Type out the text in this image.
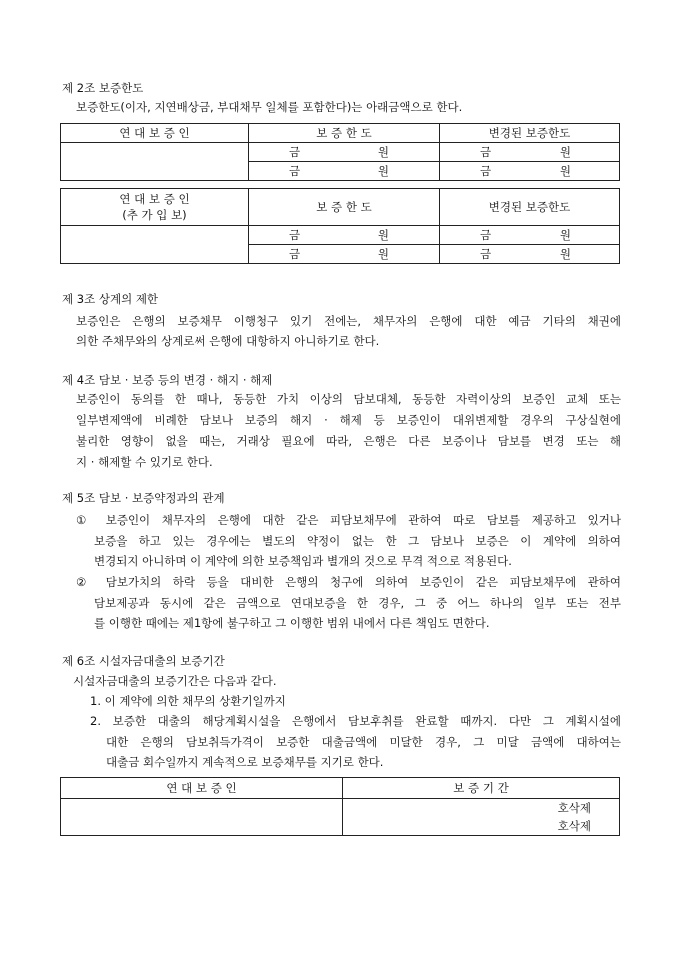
제 2조 보증한도
보증한도(이자, 지연배상금, 부대채무 일체를 포함한다)는 아래금액으로 한다.
연 대 보 증 인	보 증 한 도	변경된 보증한도

	금 원	금 원

	금 원	금 원
연 대 보 증 인
(추 가 입 보)	보 증 한 도	변경된 보증한도

	금 원	금 원

	금 원	금 원
제 3조 상계의 제한
보증인은 은행의 보증채무 이행청구 있기 전에는, 채무자의 은행에 대한 예금 기타의 채권에
의한 주채무와의 상계로써 은행에 대항하지 아니하기로 한다.
제 4조 담보 · 보증 등의 변경 · 해지 · 해제
보증인이 동의를 한 때나, 동등한 가치 이상의 담보대체, 동등한 자력이상의 보증인 교체 또는
일부변제액에 비례한 담보나 보증의 해지 · 해제 등 보증인이 대위변제할 경우의 구상실현에
불리한 영향이 없을 때는, 거래상 필요에 따라, 은행은 다른 보증이나 담보를 변경 또는 해
지 · 해제할 수 있기로 한다.
제 5조 담보 · 보증약정과의 관계
① 보증인이 채무자의 은행에 대한 같은 피담보채무에 관하여 따로 담보를 제공하고 있거나
보증을 하고 있는 경우에는 별도의 약정이 없는 한 그 담보나 보증은 이 계약에 의하여
변경되지 아니하며 이 계약에 의한 보증책임과 별개의 것으로 무격 적으로 적용된다.
② 담보가치의 하락 등을 대비한 은행의 청구에 의하여 보증인이 같은 피담보채무에 관하여
담보제공과 동시에 같은 금액으로 연대보증을 한 경우, 그 중 어느 하나의 일부 또는 전부
를 이행한 때에는 제1항에 불구하고 그 이행한 범위 내에서 다른 책임도 면한다.
제 6조 시설자금대출의 보증기간
시설자금대출의 보증기간은 다음과 같다.
1. 이 계약에 의한 채무의 상환기일까지
2. 보증한 대출의 해당계획시설을 은행에서 담보후취를 완료할 때까지. 다만 그 계획시설에
대한 은행의 담보취득가격이 보증한 대출금액에 미달한 경우, 그 미달 금액에 대하여는
대출금 회수일까지 계속적으로 보증채무를 지기로 한다.
연 대 보 증 인	보 증 기 간
	호삭제
	호삭제
